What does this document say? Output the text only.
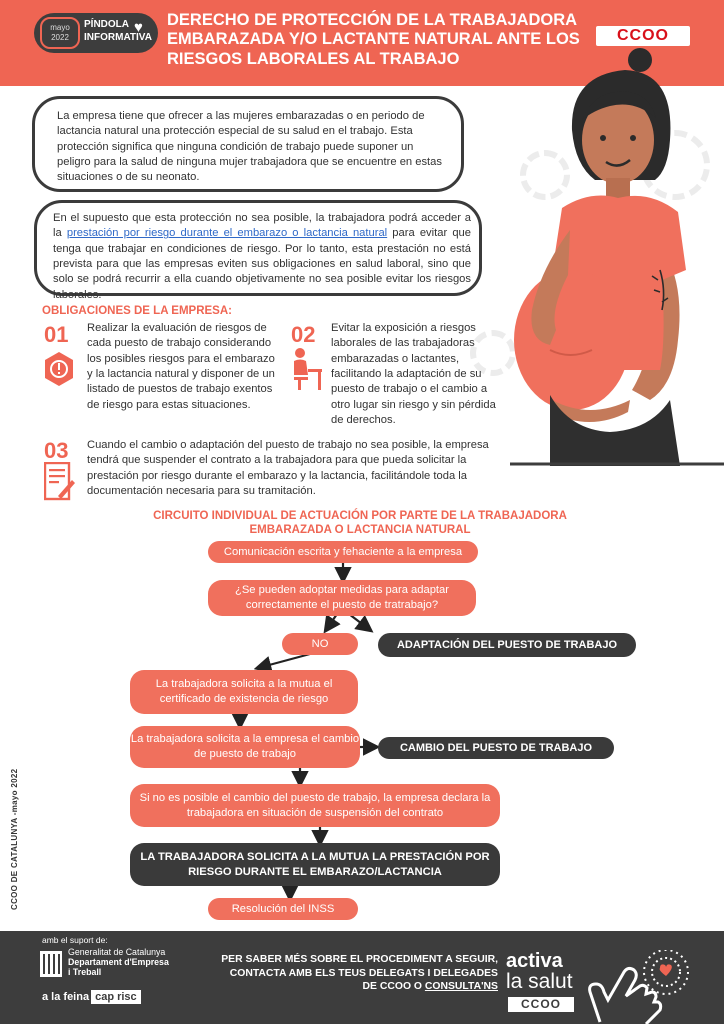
mayo
2022
PÍNDOLA INFORMATIVA
♥ DERECHO DE PROTECCIÓN DE LA TRABAJADORA EMBARAZADA Y/O LACTANTE NATURAL ANTE LOS RIESGOS LABORALES AL TRABAJO
CCOO
La empresa tiene que ofrecer a las mujeres embarazadas o en periodo de lactancia natural una protección especial de su salud en el trabajo. Esta protección significa que ninguna condición de trabajo puede suponer un peligro para la salud de ninguna mujer trabajadora que se encuentre en estas situaciones o de su neonato.
En el supuesto que esta protección no sea posible, la trabajadora podrá acceder a la prestación por riesgo durante el embarazo o lactancia natural para evitar que tenga que trabajar en condiciones de riesgo. Por lo tanto, esta prestación no está prevista para que las empresas eviten sus obligaciones en salud laboral, sino que solo se podrá recurrir a ella cuando objetivamente no sea posible evitar los riesgos laborales.
OBLIGACIONES DE LA EMPRESA:
01 Realizar la evaluación de riesgos de cada puesto de trabajo considerando los posibles riesgos para el embarazo y la lactancia natural y disponer de un listado de puestos de trabajo exentos de riesgo para estas situaciones.
02 Evitar la exposición a riesgos laborales de las trabajadoras embarazadas o lactantes, facilitando la adaptación de su puesto de trabajo o el cambio a otro lugar sin riesgo y sin pérdida de derechos.
03 Cuando el cambio o adaptación del puesto de trabajo no sea posible, la empresa tendrá que suspender el contrato a la trabajadora para que pueda solicitar la prestación por riesgo durante el embarazo y la lactancia, facilitándole toda la documentación necesaria para su tramitación.
CIRCUITO INDIVIDUAL DE ACTUACIÓN POR PARTE DE LA TRABAJADORA EMBARAZADA O LACTANCIA NATURAL
Comunicación escrita y fehaciente a la empresa
¿Se pueden adoptar medidas para adaptar correctamente el puesto de tratrabajo?
NO	ADAPTACIÓN DEL PUESTO DE TRABAJO
La trabajadora solicita a la mutua el certificado de existencia de riesgo
La trabajadora solicita a la empresa el cambio de puesto de trabajo	CAMBIO DEL PUESTO DE TRABAJO
Si no es posible el cambio del puesto de trabajo, la empresa declara la trabajadora en situación de suspensión del contrato
LA TRABAJADORA SOLICITA A LA MUTUA LA PRESTACIÓN POR RIESGO DURANTE EL EMBARAZO/LACTANCIA
Resolución del INSS
CCOO DE CATALUNYA -mayo 2022
amb el suport de:
Generalitat de Catalunya
Departament d'Empresa
i Treball
a la feina cap risc
PER SABER MÉS SOBRE EL PROCEDIMENT A SEGUIR, CONTACTA AMB ELS TEUS DELEGATS I DELEGADES DE CCOO O CONSULTA'NS
activa
la salut
CCOO
